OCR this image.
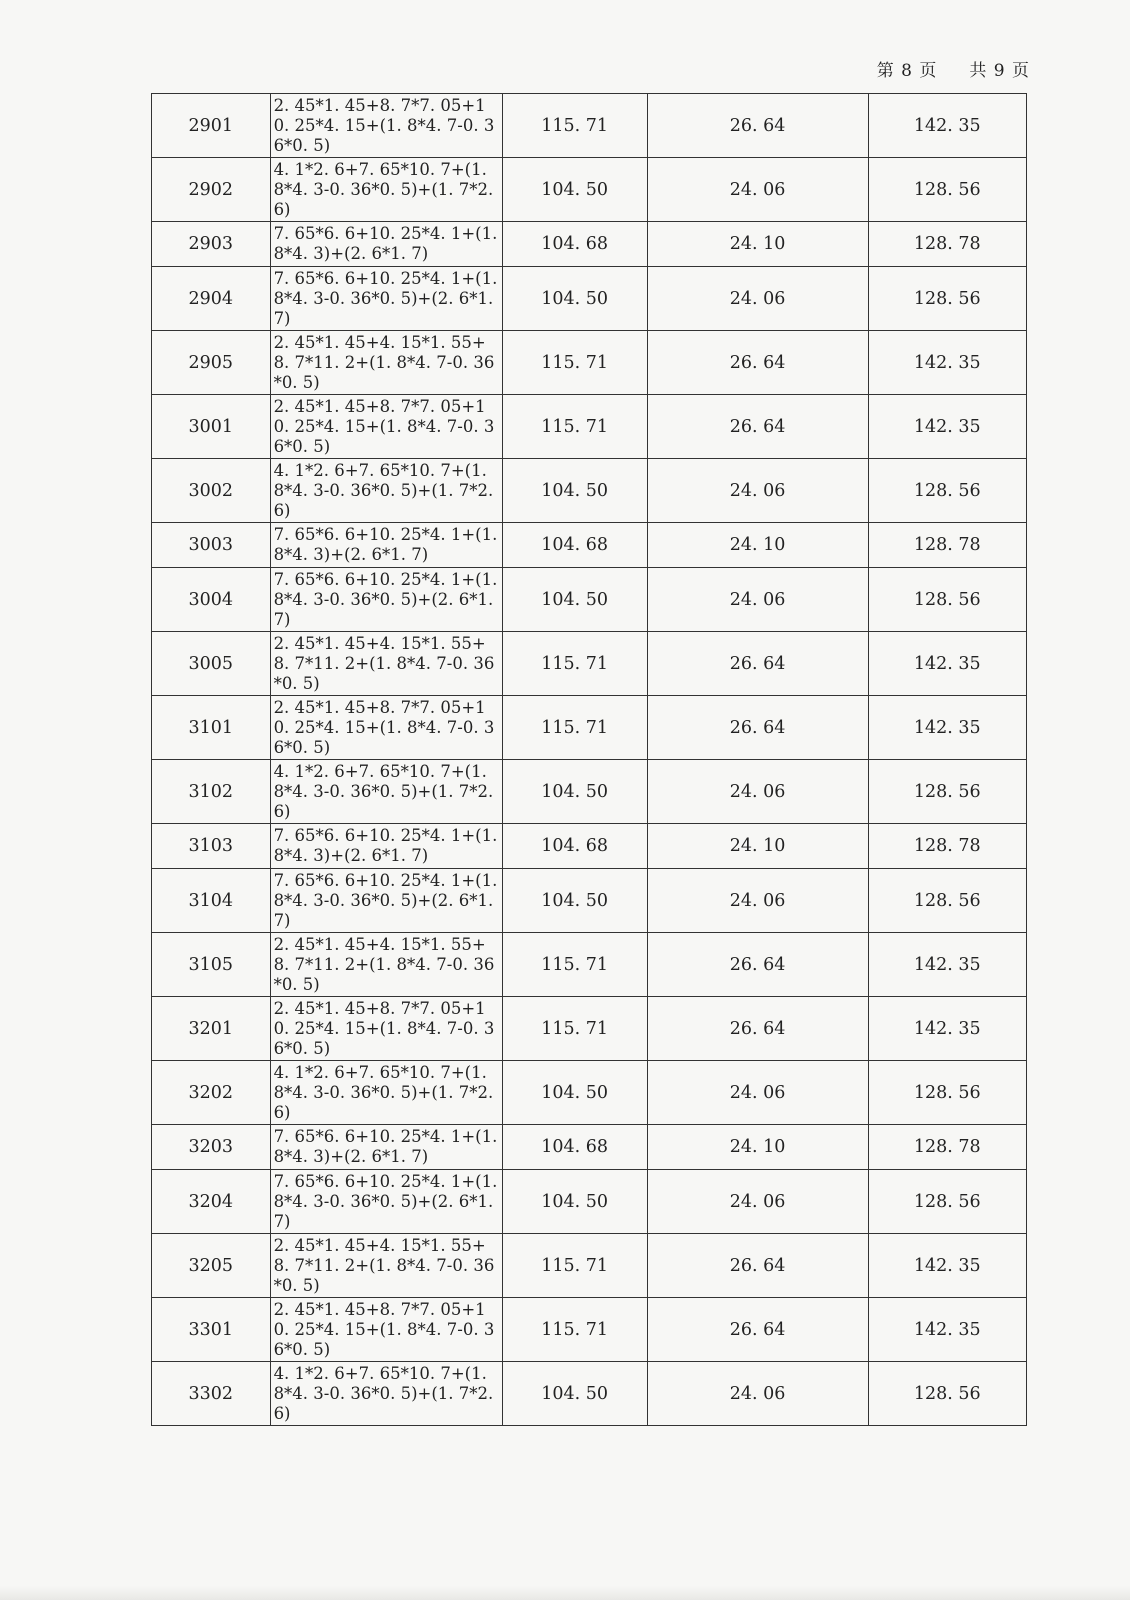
第 8 页 共 9 页
2901	2. 45*1. 45+8. 7*7. 05+10. 25*4. 15+(1. 8*4. 7-0. 36*0. 5)	115. 71	26. 64	142. 35
2902	4. 1*2. 6+7. 65*10. 7+(1. 8*4. 3-0. 36*0. 5)+(1. 7*2. 6)	104. 50	24. 06	128. 56
2903	7. 65*6. 6+10. 25*4. 1+(1. 8*4. 3)+(2. 6*1. 7)	104. 68	24. 10	128. 78
2904	7. 65*6. 6+10. 25*4. 1+(1. 8*4. 3-0. 36*0. 5)+(2. 6*1. 7)	104. 50	24. 06	128. 56
2905	2. 45*1. 45+4. 15*1. 55+8. 7*11. 2+(1. 8*4. 7-0. 36*0. 5)	115. 71	26. 64	142. 35
3001	2. 45*1. 45+8. 7*7. 05+10. 25*4. 15+(1. 8*4. 7-0. 36*0. 5)	115. 71	26. 64	142. 35
3002	4. 1*2. 6+7. 65*10. 7+(1. 8*4. 3-0. 36*0. 5)+(1. 7*2. 6)	104. 50	24. 06	128. 56
3003	7. 65*6. 6+10. 25*4. 1+(1. 8*4. 3)+(2. 6*1. 7)	104. 68	24. 10	128. 78
3004	7. 65*6. 6+10. 25*4. 1+(1. 8*4. 3-0. 36*0. 5)+(2. 6*1. 7)	104. 50	24. 06	128. 56
3005	2. 45*1. 45+4. 15*1. 55+8. 7*11. 2+(1. 8*4. 7-0. 36*0. 5)	115. 71	26. 64	142. 35
3101	2. 45*1. 45+8. 7*7. 05+10. 25*4. 15+(1. 8*4. 7-0. 36*0. 5)	115. 71	26. 64	142. 35
3102	4. 1*2. 6+7. 65*10. 7+(1. 8*4. 3-0. 36*0. 5)+(1. 7*2. 6)	104. 50	24. 06	128. 56
3103	7. 65*6. 6+10. 25*4. 1+(1. 8*4. 3)+(2. 6*1. 7)	104. 68	24. 10	128. 78
3104	7. 65*6. 6+10. 25*4. 1+(1. 8*4. 3-0. 36*0. 5)+(2. 6*1. 7)	104. 50	24. 06	128. 56
3105	2. 45*1. 45+4. 15*1. 55+8. 7*11. 2+(1. 8*4. 7-0. 36*0. 5)	115. 71	26. 64	142. 35
3201	2. 45*1. 45+8. 7*7. 05+10. 25*4. 15+(1. 8*4. 7-0. 36*0. 5)	115. 71	26. 64	142. 35
3202	4. 1*2. 6+7. 65*10. 7+(1. 8*4. 3-0. 36*0. 5)+(1. 7*2. 6)	104. 50	24. 06	128. 56
3203	7. 65*6. 6+10. 25*4. 1+(1. 8*4. 3)+(2. 6*1. 7)	104. 68	24. 10	128. 78
3204	7. 65*6. 6+10. 25*4. 1+(1. 8*4. 3-0. 36*0. 5)+(2. 6*1. 7)	104. 50	24. 06	128. 56
3205	2. 45*1. 45+4. 15*1. 55+8. 7*11. 2+(1. 8*4. 7-0. 36*0. 5)	115. 71	26. 64	142. 35
3301	2. 45*1. 45+8. 7*7. 05+10. 25*4. 15+(1. 8*4. 7-0. 36*0. 5)	115. 71	26. 64	142. 35
3302	4. 1*2. 6+7. 65*10. 7+(1. 8*4. 3-0. 36*0. 5)+(1. 7*2. 6)	104. 50	24. 06	128. 56
